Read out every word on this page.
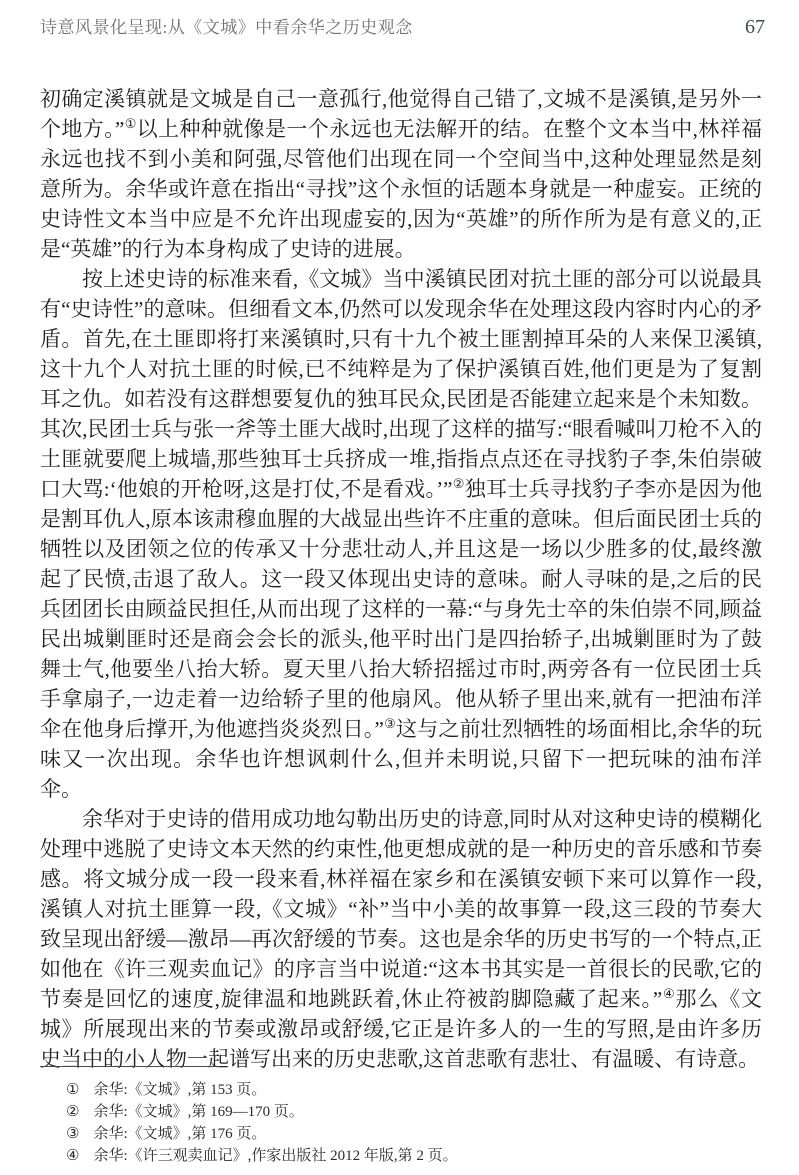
诗意风景化呈现:从《文城》中看余华之历史观念	67

初确定溪镇就是文城是自己一意孤行,他觉得自己错了,文城不是溪镇,是另外一个地方。”①以上种种就像是一个永远也无法解开的结。在整个文本当中,林祥福永远也找不到小美和阿强,尽管他们出现在同一个空间当中,这种处理显然是刻意所为。余华或许意在指出“寻找”这个永恒的话题本身就是一种虚妄。正统的史诗性文本当中应是不允许出现虚妄的,因为“英雄”的所作所为是有意义的,正是“英雄”的行为本身构成了史诗的进展。

按上述史诗的标准来看,《文城》当中溪镇民团对抗土匪的部分可以说最具有“史诗性”的意味。但细看文本,仍然可以发现余华在处理这段内容时内心的矛盾。首先,在土匪即将打来溪镇时,只有十九个被土匪割掉耳朵的人来保卫溪镇,这十九个人对抗土匪的时候,已不纯粹是为了保护溪镇百姓,他们更是为了复割耳之仇。如若没有这群想要复仇的独耳民众,民团是否能建立起来是个未知数。其次,民团士兵与张一斧等土匪大战时,出现了这样的描写:“眼看喊叫刀枪不入的土匪就要爬上城墙,那些独耳士兵挤成一堆,指指点点还在寻找豹子李,朱伯崇破口大骂:‘他娘的开枪呀,这是打仗,不是看戏。’”②独耳士兵寻找豹子李亦是因为他是割耳仇人,原本该肃穆血腥的大战显出些许不庄重的意味。但后面民团士兵的牺牲以及团领之位的传承又十分悲壮动人,并且这是一场以少胜多的仗,最终激起了民愤,击退了敌人。这一段又体现出史诗的意味。耐人寻味的是,之后的民兵团团长由顾益民担任,从而出现了这样的一幕:“与身先士卒的朱伯崇不同,顾益民出城剿匪时还是商会会长的派头,他平时出门是四抬轿子,出城剿匪时为了鼓舞士气,他要坐八抬大轿。夏天里八抬大轿招摇过市时,两旁各有一位民团士兵手拿扇子,一边走着一边给轿子里的他扇风。他从轿子里出来,就有一把油布洋伞在他身后撑开,为他遮挡炎炎烈日。”③这与之前壮烈牺牲的场面相比,余华的玩味又一次出现。余华也许想讽刺什么,但并未明说,只留下一把玩味的油布洋伞。

余华对于史诗的借用成功地勾勒出历史的诗意,同时从对这种史诗的模糊化处理中逃脱了史诗文本天然的约束性,他更想成就的是一种历史的音乐感和节奏感。将文城分成一段一段来看,林祥福在家乡和在溪镇安顿下来可以算作一段,溪镇人对抗土匪算一段,《文城》“补”当中小美的故事算一段,这三段的节奏大致呈现出舒缓—激昂—再次舒缓的节奏。这也是余华的历史书写的一个特点,正如他在《许三观卖血记》的序言当中说道:“这本书其实是一首很长的民歌,它的节奏是回忆的速度,旋律温和地跳跃着,休止符被韵脚隐藏了起来。”④那么《文城》所展现出来的节奏或激昂或舒缓,它正是许多人的一生的写照,是由许多历史当中的小人物一起谱写出来的历史悲歌,这首悲歌有悲壮、有温暖、有诗意。

① 余华:《文城》,第 153 页。
② 余华:《文城》,第 169—170 页。
③ 余华:《文城》,第 176 页。
④ 余华:《许三观卖血记》,作家出版社 2012 年版,第 2 页。
